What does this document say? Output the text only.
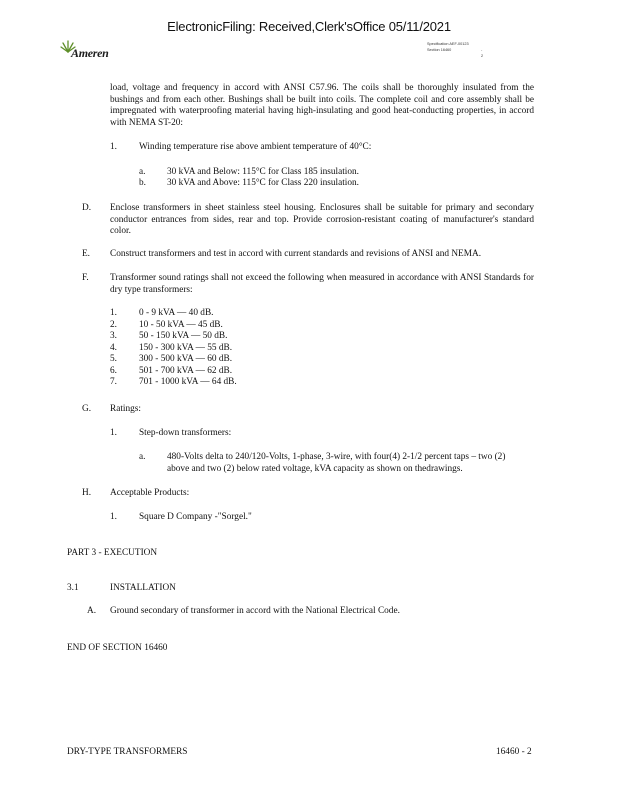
ElectronicFiling: Received,Clerk'sOffice 05/11/2021
Ameren
Specification AEF-00123
Section 16460	- 2
load, voltage and frequency in accord with ANSI C57.96. The coils shall be thoroughly insulated from the bushings and from each other. Bushings shall be built into coils. The complete coil and core assembly shall be impregnated with waterproofing material having high-insulating and good heat-conducting properties, in accord with NEMA ST-20:
1. Winding temperature rise above ambient temperature of 40°C:
a. 30 kVA and Below: 115°C for Class 185 insulation.
b. 30 kVA and Above: 115°C for Class 220 insulation.
D. Enclose transformers in sheet stainless steel housing. Enclosures shall be suitable for primary and secondary conductor entrances from sides, rear and top. Provide corrosion-resistant coating of manufacturer's standard color.
E. Construct transformers and test in accord with current standards and revisions of ANSI and NEMA.
F. Transformer sound ratings shall not exceed the following when measured in accordance with ANSI Standards for dry type transformers:
1. 0 - 9 kVA — 40 dB.
2. 10 - 50 kVA — 45 dB.
3. 50 - 150 kVA — 50 dB.
4. 150 - 300 kVA — 55 dB.
5. 300 - 500 kVA — 60 dB.
6. 501 - 700 kVA — 62 dB.
7. 701 - 1000 kVA — 64 dB.
G. Ratings:
1. Step-down transformers:
a. 480-Volts delta to 240/120-Volts, 1-phase, 3-wire, with four(4) 2-1/2 percent taps – two (2) above and two (2) below rated voltage, kVA capacity as shown on thedrawings.
H. Acceptable Products:
1. Square D Company -"Sorgel."
PART 3 - EXECUTION
3.1	INSTALLATION
A. Ground secondary of transformer in accord with the National Electrical Code.
END OF SECTION 16460
DRY-TYPE TRANSFORMERS	16460 - 2
